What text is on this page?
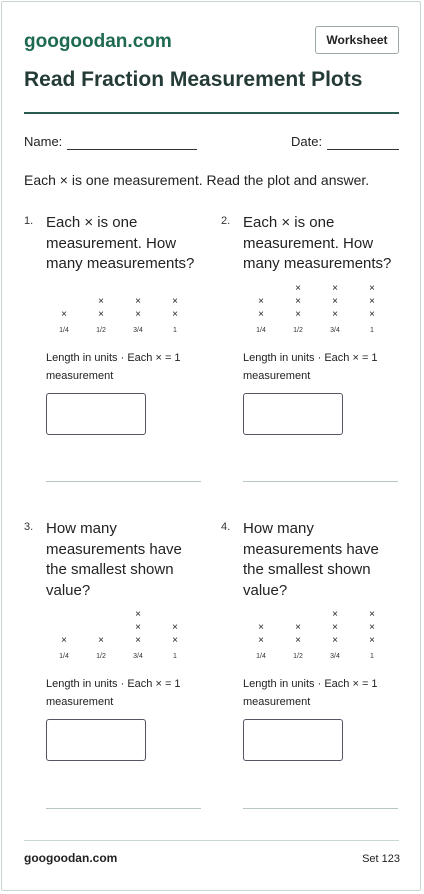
googoodan.com	Worksheet
Read Fraction Measurement Plots
Name:	Date:
Each × is one measurement. Read the plot and answer.
1. Each × is one measurement. How many measurements?
×
1/4
×
×
1/2
×
×
3/4
×
×
1
Length in units · Each × = 1 measurement
2. Each × is one measurement. How many measurements?
×
×
1/4
×
×
×
1/2
×
×
×
3/4
×
×
×
1
Length in units · Each × = 1 measurement
3. How many measurements have the smallest shown value?
×
1/4
×
1/2
×
×
×
3/4
×
×
1
Length in units · Each × = 1 measurement
4. How many measurements have the smallest shown value?
×
×
1/4
×
×
1/2
×
×
×
3/4
×
×
×
1
Length in units · Each × = 1 measurement
googoodan.com	Set 123
